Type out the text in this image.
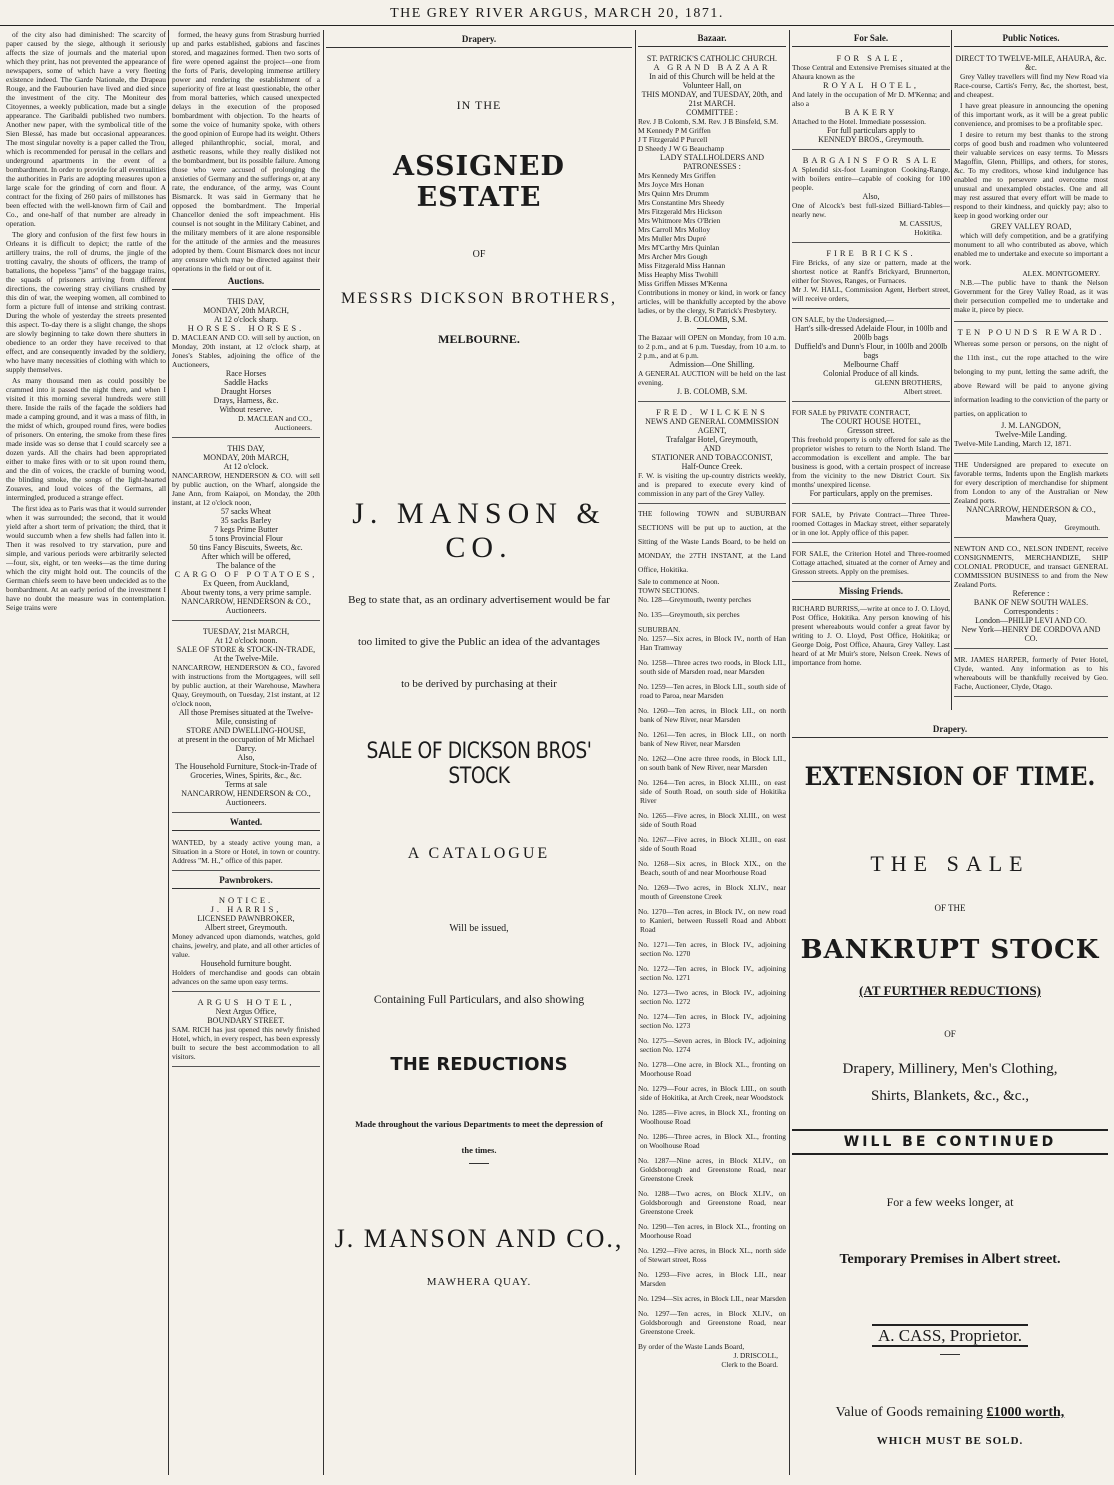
THE GREY RIVER ARGUS, MARCH 20, 1871.

of the city also had diminished: The scarcity of paper caused by the siege, although it seriously affects the size of journals and the material upon which they print, has not prevented the appearance of newspapers, some of which have a very fleeting existence indeed. The Garde Nationale, the Drapeau Rouge, and the Faubourien have lived and died since the investment of the city. The Moniteur des Citoyennes, a weekly publication, made but a single appearance. The Garibaldi published two numbers. Another new paper, with the symbolical title of the Sien Blessé, has made but occasional appearances. The most singular novelty is a paper called the Trou, which is recommended for perusal in the cellars and underground apartments in the event of a bombardment. In order to provide for all eventualities the authorities in Paris are adopting measures upon a large scale for the grinding of corn and flour. A contract for the fixing of 260 pairs of millstones has been effected with the well-known firm of Cail and Co., and one-half of that number are already in operation.

The glory and confusion of the first few hours in Orleans it is difficult to depict; the rattle of the artillery trains, the roll of drums, the jingle of the trotting cavalry, the shouts of officers, the tramp of battalions, the hopeless "jams" of the baggage trains, the squads of prisoners arriving from different directions, the cowering stray civilians crushed by this din of war, the weeping women, all combined to form a picture full of intense and striking contrast. During the whole of yesterday the streets presented this aspect. To-day there is a slight change, the shops are slowly beginning to take down there shutters in obedience to an order they have received to that effect, and are consequently invaded by the soldiery, who have many necessities of clothing with which to supply themselves.

As many thousand men as could possibly be crammed into it passed the night there, and when I visited it this morning several hundreds were still there. Inside the rails of the façade the soldiers had made a camping ground, and it was a mass of filth, in the midst of which, grouped round fires, were bodies of prisoners. On entering, the smoke from these fires made inside was so dense that I could scarcely see a dozen yards. All the chairs had been appropriated either to make fires with or to sit upon round them, and the din of voices, the crackle of burning wood, the blinding smoke, the songs of the light-hearted Zouaves, and loud voices of the Germans, all intermingled, produced a strange effect.

The first idea as to Paris was that it would surrender when it was surrounded; the second, that it would yield after a short term of privation; the third, that it would succumb when a few shells had fallen into it. Then it was resolved to try starvation, pure and simple, and various periods were arbitrarily selected—four, six, eight, or ten weeks—as the time during which the city might hold out. The councils of the German chiefs seem to have been undecided as to the bombardment. At an early period of the investment I have no doubt the measure was in contemplation. Seige trains were

formed, the heavy guns from Strasburg hurried up and parks established, gabions and fascines stored, and magazines formed. Then two sorts of fire were opened against the project—one from the forts of Paris, developing immense artillery power and rendering the establishment of a superiority of fire at least questionable, the other from moral batteries, which caused unexpected delays in the execution of the proposed bombardment with objection. To the hearts of some the voice of humanity spoke, with others the good opinion of Europe had its weight. Others alleged philanthrophic, social, moral, and æsthetic reasons, while they really disliked not the bombardment, but its possible failure. Among those who were accused of prolonging the anxieties of Germany and the sufferings or, at any rate, the endurance, of the army, was Count Bismarck. It was said in Germany that he opposed the bombardment. The Imperial Chancellor denied the soft impeachment. His counsel is not sought in the Military Cabinet, and the military members of it are alone responsible for the attitude of the armies and the measures adopted by them. Count Bismarck does not incur any censure which may be directed against their operations in the field or out of it.

Auctions.
THIS DAY,
MONDAY, 20th MARCH,
At 12 o'clock sharp.
HORSES. HORSES.
D. MACLEAN AND CO. will sell by auction, on Monday, 20th instant, at 12 o'clock sharp, at Jones's Stables, adjoining the office of the Auctioneers,
Race Horses
Saddle Hacks
Draught Horses
Drays, Harness, &c.
Without reserve.
D. MACLEAN and CO.,
Auctioneers.
THIS DAY,
MONDAY, 20th MARCH,
At 12 o'clock.
NANCARROW, HENDERSON & CO. will sell by public auction, on the Wharf, alongside the Jane Ann, from Kaiapoi, on Monday, the 20th instant, at 12 o'clock noon,
57 sacks Wheat
35 sacks Barley
7 kegs Prime Butter
5 tons Provincial Flour
50 tins Fancy Biscuits, Sweets, &c.
After which will be offered,
The balance of the
CARGO OF POTATOES,
Ex Queen, from Auckland,
About twenty tons, a very prime sample.
NANCARROW, HENDERSON & CO., Auctioneers.
TUESDAY, 21st MARCH,
At 12 o'clock noon.
SALE OF STORE & STOCK-IN-TRADE,
At the Twelve-Mile.
NANCARROW, HENDERSON & CO., favored with instructions from the Mortgagees, will sell by public auction, at their Warehouse, Mawhera Quay, Greymouth, on Tuesday, 21st instant, at 12 o'clock noon,
All those Premises situated at the Twelve-Mile, consisting of
STORE AND DWELLING-HOUSE,
at present in the occupation of Mr Michael Darcy.
Also,
The Household Furniture, Stock-in-Trade of Groceries, Wines, Spirits, &c., &c.
Terms at sale
NANCARROW, HENDERSON & CO., Auctioneers.
Wanted.
WANTED, by a steady active young man, a Situation in a Store or Hotel, in town or country. Address "M. H.," office of this paper.
Pawnbrokers.
NOTICE.
J. HARRIS,
LICENSED PAWNBROKER,
Albert street, Greymouth.
Money advanced upon diamonds, watches, gold chains, jewelry, and plate, and all other articles of value.
Household furniture bought.
Holders of merchandise and goods can obtain advances on the same upon easy terms.
ARGUS HOTEL,
Next Argus Office,
BOUNDARY STREET.
SAM. RICH has just opened this newly finished Hotel, which, in every respect, has been expressly built to secure the best accommodation to all visitors.
Drapery.
IN THE
ASSIGNED ESTATE
OF
MESSRS DICKSON BROTHERS,
MELBOURNE.
J. MANSON & CO.
Beg to state that, as an ordinary advertisement would be far
too limited to give the Public an idea of the advantages
to be derived by purchasing at their
SALE OF DICKSON BROS' STOCK
A CATALOGUE
Will be issued,
Containing Full Particulars, and also showing
THE REDUCTIONS
Made throughout the various Departments to meet the depression of
the times.
J. MANSON AND CO.,
MAWHERA QUAY.
Bazaar.
ST. PATRICK'S CATHOLIC CHURCH.
A GRAND BAZAAR
In aid of this Church will be held at the
Volunteer Hall, on
THIS MONDAY, and TUESDAY, 20th, and 21st MARCH.
COMMITTEE :
Rev. J B Colomb, S.M. Rev. J B Binsfeld, S.M.
M Kennedy P M Griffen
J T Fitzgerald P Purcell
D Sheedy J W G Beauchamp
LADY STALLHOLDERS AND PATRONESSES :
Mrs Kennedy Mrs Griffen
Mrs Joyce Mrs Honan
Mrs Quinn Mrs Drumm
Mrs Constantine Mrs Sheedy
Mrs Fitzgerald Mrs Hickson
Mrs Whitmore Mrs O'Brien
Mrs Carroll Mrs Molloy
Mrs Muller Mrs Dupré
Mrs M'Carthy Mrs Quinlan
Mrs Archer Mrs Gough
Miss Fitzgerald Miss Hannan
Miss Heaphy Miss Twohill
Miss Griffen Misses M'Kenna
Contributions in money or kind, in work or fancy articles, will be thankfully accepted by the above ladies, or by the clergy, St Patrick's Presbytery.
J. B. COLOMB, S.M.
The Bazaar will OPEN on Monday, from 10 a.m. to 2 p.m., and at 6 p.m. Tuesday, from 10 a.m. to 2 p.m., and at 6 p.m.
Admission—One Shilling.
A GENERAL AUCTION will be held on the last evening.
J. B. COLOMB, S.M.
FRED. WILCKENS
NEWS AND GENERAL COMMISSION AGENT,
Trafalgar Hotel, Greymouth,
AND
STATIONER AND TOBACCONIST,
Half-Ounce Creek.
F. W. is visiting the up-country districts weekly, and is prepared to execute every kind of commission in any part of the Grey Valley.
THE following TOWN and SUBURBAN SECTIONS will be put up to auction, at the Sitting of the Waste Lands Board, to be held on MONDAY, the 27TH INSTANT, at the Land Office, Hokitika.
Sale to commence at Noon.
TOWN SECTIONS.
No. 128—Greymouth, twenty perches
No. 135—Greymouth, six perches
SUBURBAN.
No. 1257—Six acres, in Block IV., north of Han Han Tramway
No. 1258—Three acres two roods, in Block LII., south side of Marsden road, near Marsden
No. 1259—Ten acres, in Block LII., south side of road to Paroa, near Marsden
No. 1260—Ten acres, in Block LII., on north bank of New River, near Marsden
No. 1261—Ten acres, in Block LII., on north bank of New River, near Marsden
No. 1262—One acre three roods, in Block LII., on south bank of New River, near Marsden
No. 1264—Ten acres, in Block XLIII., on east side of South Road, on south side of Hokitika River
No. 1265—Five acres, in Block XLIII., on west side of South Road
No. 1267—Five acres, in Block XLIII., on east side of South Road
No. 1268—Six acres, in Block XIX., on the Beach, south of and near Moorhouse Road
No. 1269—Two acres, in Block XLIV., near mouth of Greenstone Creek
No. 1270—Ten acres, in Block IV., on new road to Kanieri, between Russell Road and Abbott Road
No. 1271—Ten acres, in Block IV., adjoining section No. 1270
No. 1272—Ten acres, in Block IV., adjoining section No. 1271
No. 1273—Two acres, in Block IV., adjoining section No. 1272
No. 1274—Ten acres, in Block IV., adjoining section No. 1273
No. 1275—Seven acres, in Block IV., adjoining section No. 1274
No. 1278—One acre, in Block XL., fronting on Moorhouse Road
No. 1279—Four acres, in Block LIII., on south side of Hokitika, at Arch Creek, near Woodstock
No. 1285—Five acres, in Block XI., fronting on Woolhouse Road
No. 1286—Three acres, in Block XL., fronting on Woolhouse Road
No. 1287—Nine acres, in Block XLIV., on Goldsborough and Greenstone Road, near Greenstone Creek
No. 1288—Two acres, on Block XLIV., on Goldsborough and Greenstone Road, near Greenstone Creek
No. 1290—Ten acres, in Block XL., fronting on Moorhouse Road
No. 1292—Five acres, in Block XL., north side of Stewart street, Ross
No. 1293—Five acres, in Block LII., near Marsden
No. 1294—Six acres, in Block LII., near Marsden
No. 1297—Ten acres, in Block XLIV., on Goldsborough and Greenstone Road, near Greenstone Creek.
By order of the Waste Lands Board,
J. DRISCOLL,
Clerk to the Board.
For Sale.
FOR SALE,
Those Central and Extensive Premises situated at the Ahaura known as the
ROYAL HOTEL,
And lately in the occupation of Mr D. M'Kenna; and also a
BAKERY
Attached to the Hotel. Immediate possession.
For full particulars apply to
KENNEDY BROS., Greymouth.
BARGAINS FOR SALE
A Splendid six-foot Leamington Cooking-Range, with boilers entire—capable of cooking for 100 people.
Also,
One of Alcock's best full-sized Billiard-Tables—nearly new.
M. CASSIUS,
Hokitika.
FIRE BRICKS.
Fire Bricks, of any size or pattern, made at the shortest notice at Ranft's Brickyard, Brunnerton, either for Stoves, Ranges, or Furnaces.
Mr J. W. HALL, Commission Agent, Herbert street, will receive orders,
ON SALE, by the Undersigned,—
Hart's silk-dressed Adelaide Flour, in 100lb and 200lb bags
Duffield's and Dunn's Flour, in 100lb and 200lb bags
Melbourne Chaff
Colonial Produce of all kinds.
GLENN BROTHERS,
Albert street.
FOR SALE by PRIVATE CONTRACT,
The COURT HOUSE HOTEL,
Gresson street.
This freehold property is only offered for sale as the proprietor wishes to return to the North Island. The accommodation is excellent and ample. The bar business is good, with a certain prospect of increase from the vicinity to the new District Court. Six months' unexpired license.
For particulars, apply on the premises.
FOR SALE, by Private Contract—Three Three-roomed Cottages in Mackay street, either separately or in one lot. Apply office of this paper.
FOR SALE, the Criterion Hotel and Three-roomed Cottage attached, situated at the corner of Arney and Gresson streets. Apply on the premises.
Missing Friends.
RICHARD BURRISS,—write at once to J. O. Lloyd, Post Office, Hokitika. Any person knowing of his present whereabouts would confer a great favor by writing to J. O. Lloyd, Post Office, Hokitika; or George Doig, Post Office, Ahaura, Grey Valley. Last heard of at Mr Muir's store, Nelson Creek. News of importance from home.
Public Notices.
DIRECT TO TWELVE-MILE, AHAURA, &c. &c.

Grey Valley travellers will find my New Road via Race-course, Cartis's Ferry, &c, the shortest, best, and cheapest.

I have great pleasure in announcing the opening of this important work, as it will be a great public convenience, and promises to be a profitable spec.

I desire to return my best thanks to the strong corps of good bush and roadmen who volunteered their valuable services on easy terms. To Messrs Magoffin, Glenn, Phillips, and others, for stores, &c. To my creditors, whose kind indulgence has enabled me to persevere and overcome most unusual and unexampled obstacles. One and all may rest assured that every effort will be made to respond to their kindness, and quickly pay; also to keep in good working order our

GREY VALLEY ROAD,

which will defy competition, and be a gratifying monument to all who contributed as above, which enabled me to undertake and execute so important a work.

ALEX. MONTGOMERY.

N.B.—The public have to thank the Nelson Government for the Grey Valley Road, as it was their persecution compelled me to undertake and make it, piece by piece.

TEN POUNDS REWARD.
Whereas some person or persons, on the night of the 11th inst., cut the rope attached to the wire belonging to my punt, letting the same adrift, the above Reward will be paid to anyone giving information leading to the conviction of the party or parties, on application to
J. M. LANGDON,
Twelve-Mile Landing.
Twelve-Mile Landing, March 12, 1871.
THE Undersigned are prepared to execute on favorable terms, Indents upon the English markets for every description of merchandise for shipment from London to any of the Australian or New Zealand ports.
NANCARROW, HENDERSON & CO.,
Mawhera Quay,
Greymouth.
NEWTON AND CO., NELSON INDENT, receive CONSIGNMENTS, MERCHANDIZE, SHIP COLONIAL PRODUCE, and transact GENERAL COMMISSION BUSINESS to and from the New Zealand Ports.
Reference :
BANK OF NEW SOUTH WALES.
Correspondents :
London—PHILIP LEVI AND CO.
New York—HENRY DE CORDOVA AND CO.
MR. JAMES HARPER, formerly of Peter Hotel, Clyde, wanted. Any information as to his whereabouts will be thankfully received by Geo. Fache, Auctioneer, Clyde, Otago.
Drapery.
EXTENSION OF TIME.
THE SALE
OF THE
BANKRUPT STOCK
(AT FURTHER REDUCTIONS)
OF
Drapery, Millinery, Men's Clothing,
Shirts, Blankets, &c., &c.,
WILL BE CONTINUED
For a few weeks longer, at
Temporary Premises in Albert street.
A. CASS, Proprietor.
Value of Goods remaining £1000 worth,
WHICH MUST BE SOLD.
